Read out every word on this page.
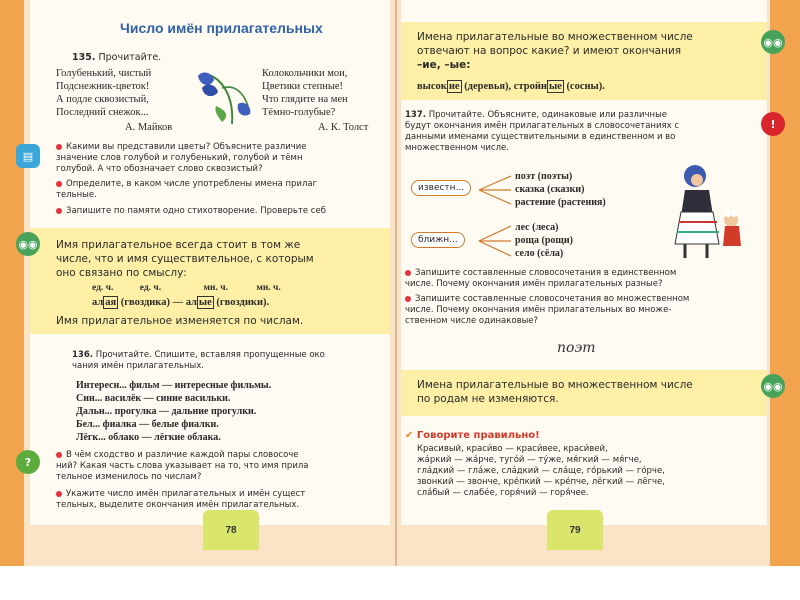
Число имён прилагательных
135. Прочитайте.
Голубенький, чистый
Подснежник-цветок!
А подле сквозистый,
Последний снежок...
А. Майков
Колокольчики мои,
Цветики степные!
Что глядите на мен
Тёмно-голубые?
А. К. Толст
▤
Какими вы представили цветы? Объясните различие
значение слов голубой и голубенький, голубой и тёмн
голубой. А что обозначает слово сквозистый?
Определите, в каком числе употреблены имена прилаг
тельные.
Запишите по памяти одно стихотворение. Проверьте себ
◉◉ Имя прилагательное всегда стоит в том же
числе, что и имя существительное, с которым
оно связано по смыслу:
ед. ч.	ед. ч.	мн. ч.	мн. ч.
ал ая (гвоздика) — ал ые (гвоздики).
Имя прилагательное изменяется по числам.
136. Прочитайте. Спишите, вставляя пропущенные око
чания имён прилагательных.
Интересн... фильм — интересные фильмы.
Син... василёк — синие васильки.
Дальн... прогулка — дальние прогулки.
Бел... фиалка — белые фиалки.
Лёгк... облако — лёгкие облака.
?
В чём сходство и различие каждой пары словосоче
ний? Какая часть слова указывает на то, что имя прила
тельное изменилось по числам?
Укажите число имён прилагательных и имён сущест
тельных, выделите окончания имён прилагательных.
78
◉◉
Имена прилагательные во множественном числе
отвечают на вопрос какие? и имеют окончания
–ие, –ые:
высок ие (деревья), стройн ые (сосны).
!
137. Прочитайте. Объясните, одинаковые или различные
будут окончания имён прилагательных в словосочетаниях с
данными именами существительными в единственном и во
множественном числе.
известн...
поэт (поэты)
сказка (сказки)
растение (растения)
ближн...
лес (леса)
роща (рощи)
село (сёла)
Запишите составленные словосочетания в единственном
числе. Почему окончания имён прилагательных разные?
Запишите составленные словосочетания во множественном
числе. Почему окончания имён прилагательных во множе-
ственном числе одинаковые?
поэт
◉◉
Имена прилагательные во множественном числе
по родам не изменяются.
✔ Говорите правильно!
Красивый, краси́во — краси́вее, краси́вей,
жа́ркий — жа́рче, туго́й — ту́же, мя́гкий — мя́гче,
гла́дкий — гла́же, сла́дкий — сла́ще, го́рький — го́рче,
звонкий — звонче, кре́пкий — кре́пче, лёгкий — лёгче,
сла́бый — слабе́е, горя́чий — горя́чее.
79
